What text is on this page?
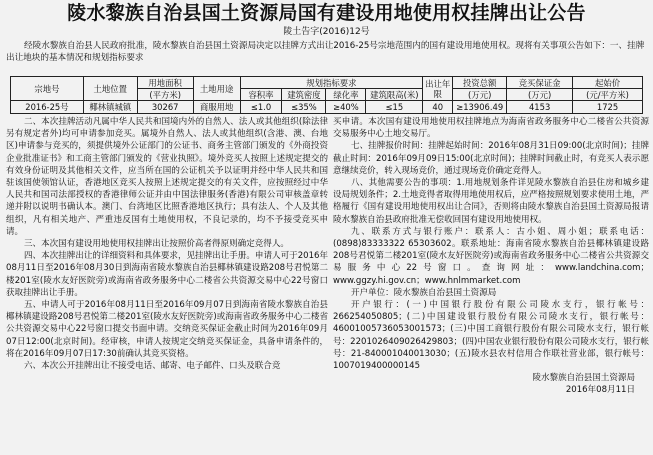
陵水黎族自治县国土资源局国有建设用地使用权挂牌出让公告
陵土告字(2016)12号
经陵水黎族自治县人民政府批准，陵水黎族自治县国土资源局决定以挂牌方式出让2016-25号宗地范围内的国有建设用地使用权。现将有关事项公告如下：一、挂牌出让地块的基本情况和规划指标要求
宗地号	土地位置	用地面积	土地用途	规划指标要求				出让年限	投资总额	竞买保证金	起始价
		(平方米)		容积率	建筑密度	绿化率	建筑限高(米)		(万元)	(万元)	(元/平方米)
2016-25号	椰林镇城镇	30267	商服用地	≤1.0	≤35%	≥40%	≤15	40	≥13906.49	4153	1725

二、本次挂牌活动凡属中华人民共和国境内外的自然人、法人或其他组织(除法律另有规定者外)均可申请参加竞买。属境外自然人、法人或其他组织(含港、澳、台地区)申请参与竞买的，须提供境外公证部门的公证书、商务主管部门颁发的《外商投资企业批准证书》和工商主管部门颁发的《营业执照》。境外竞买人按照上述规定提交的有效身份证明及其他相关文件，应当所在国的公证机关予以证明并经中华人民共和国驻该国使领馆认证，香港地区竞买人按照上述规定提交的有关文件，应按照经过中华人民共和国司法部授权的香港律师公证并由中国法律服务(香港)有限公司审核盖章转递并附以说明书确认本。澳门、台湾地区比照香港地区执行；具有法人、个人及其他组织，凡有相关地产、严重违反国有土地使用权，不良记录的，均不予接受竞买申请。

三、本次国有建设用地使用权挂牌出让按照价高者得原则确定竞得人。

四、本次挂牌出让的详细资料和具体要求，见挂牌出让手册。申请人可于2016年08月11日至2016年08月30日到海南省陵水黎族自治县椰林镇建设路208号君悦第二楼201室(陵水友好医院旁)或海南省政务服务中心二楼省公共资源交易中心22号窗口获取挂牌出让手册。

五、申请人可于2016年08月11日至2016年09月07日到海南省陵水黎族自治县椰林镇建设路208号君悦第二楼201室(陵水友好医院旁)或海南省政务服务中心二楼省公共资源交易中心22号窗口提交书面申请。交纳竞买保证金截止时间为2016年09月07日12:00(北京时间)。经审核，申请人按规定交纳竞买保证金，具备申请条件的，将在2016年09月07日17:30前确认其竞买资格。

六、本次公开挂牌出让不接受电话、邮寄、电子邮件、口头及联合竞

买申请。本次国有建设用地使用权挂牌地点为海南省政务服务中心二楼省公共资源交易服务中心土地交易厅。

七、挂牌报价时间：挂牌起始时间：2016年08月31日09:00(北京时间)；挂牌截止时间：2016年09月09日15:00(北京时间)；挂牌时间截止时，有竞买人表示愿意继续竞价，转入现场竞价，通过现场竞价确定竞得人。

八、其他需要公告的事项：1.用地规划条件详见陵水黎族自治县住房和城乡建设局规划条件；2.土地竞得者取得用地使用权后，应严格按照规划要求使用土地，严格履行《国有建设用地使用权出让合同》，否则将由陵水黎族自治县国土资源局报请陵水黎族自治县政府批准无偿收回国有建设用地使用权。

九、联系方式与银行账户：联系人：古小姐、周小姐；联系电话：(0898)83333322 65303602。联系地址：海南省陵水黎族自治县椰林镇建设路208号君悦第二楼201室(陵水友好医院旁)或海南省政务服务中心二楼省公共资源交易服务中心22号窗口。查询网址：www.landchina.com；www.ggzy.hi.gov.cn；www.hnlmmarket.com

开户单位：陵水黎族自治县国土资源局

开户银行：(一)中国银行股份有限公司陵水支行，银行帐号：266254050805；(二)中国建设银行股份有限公司陵水支行，银行帐号：46001005736053001573；(三)中国工商银行股份有限公司陵水支行，银行帐号：2201026409026429803；(四)中国农业银行股份有限公司陵水支行，银行帐号：21-840001040013030；(五)陵水县农村信用合作联社营业部，银行帐号：1007019400000145

陵水黎族自治县国土资源局

2016年08月11日
